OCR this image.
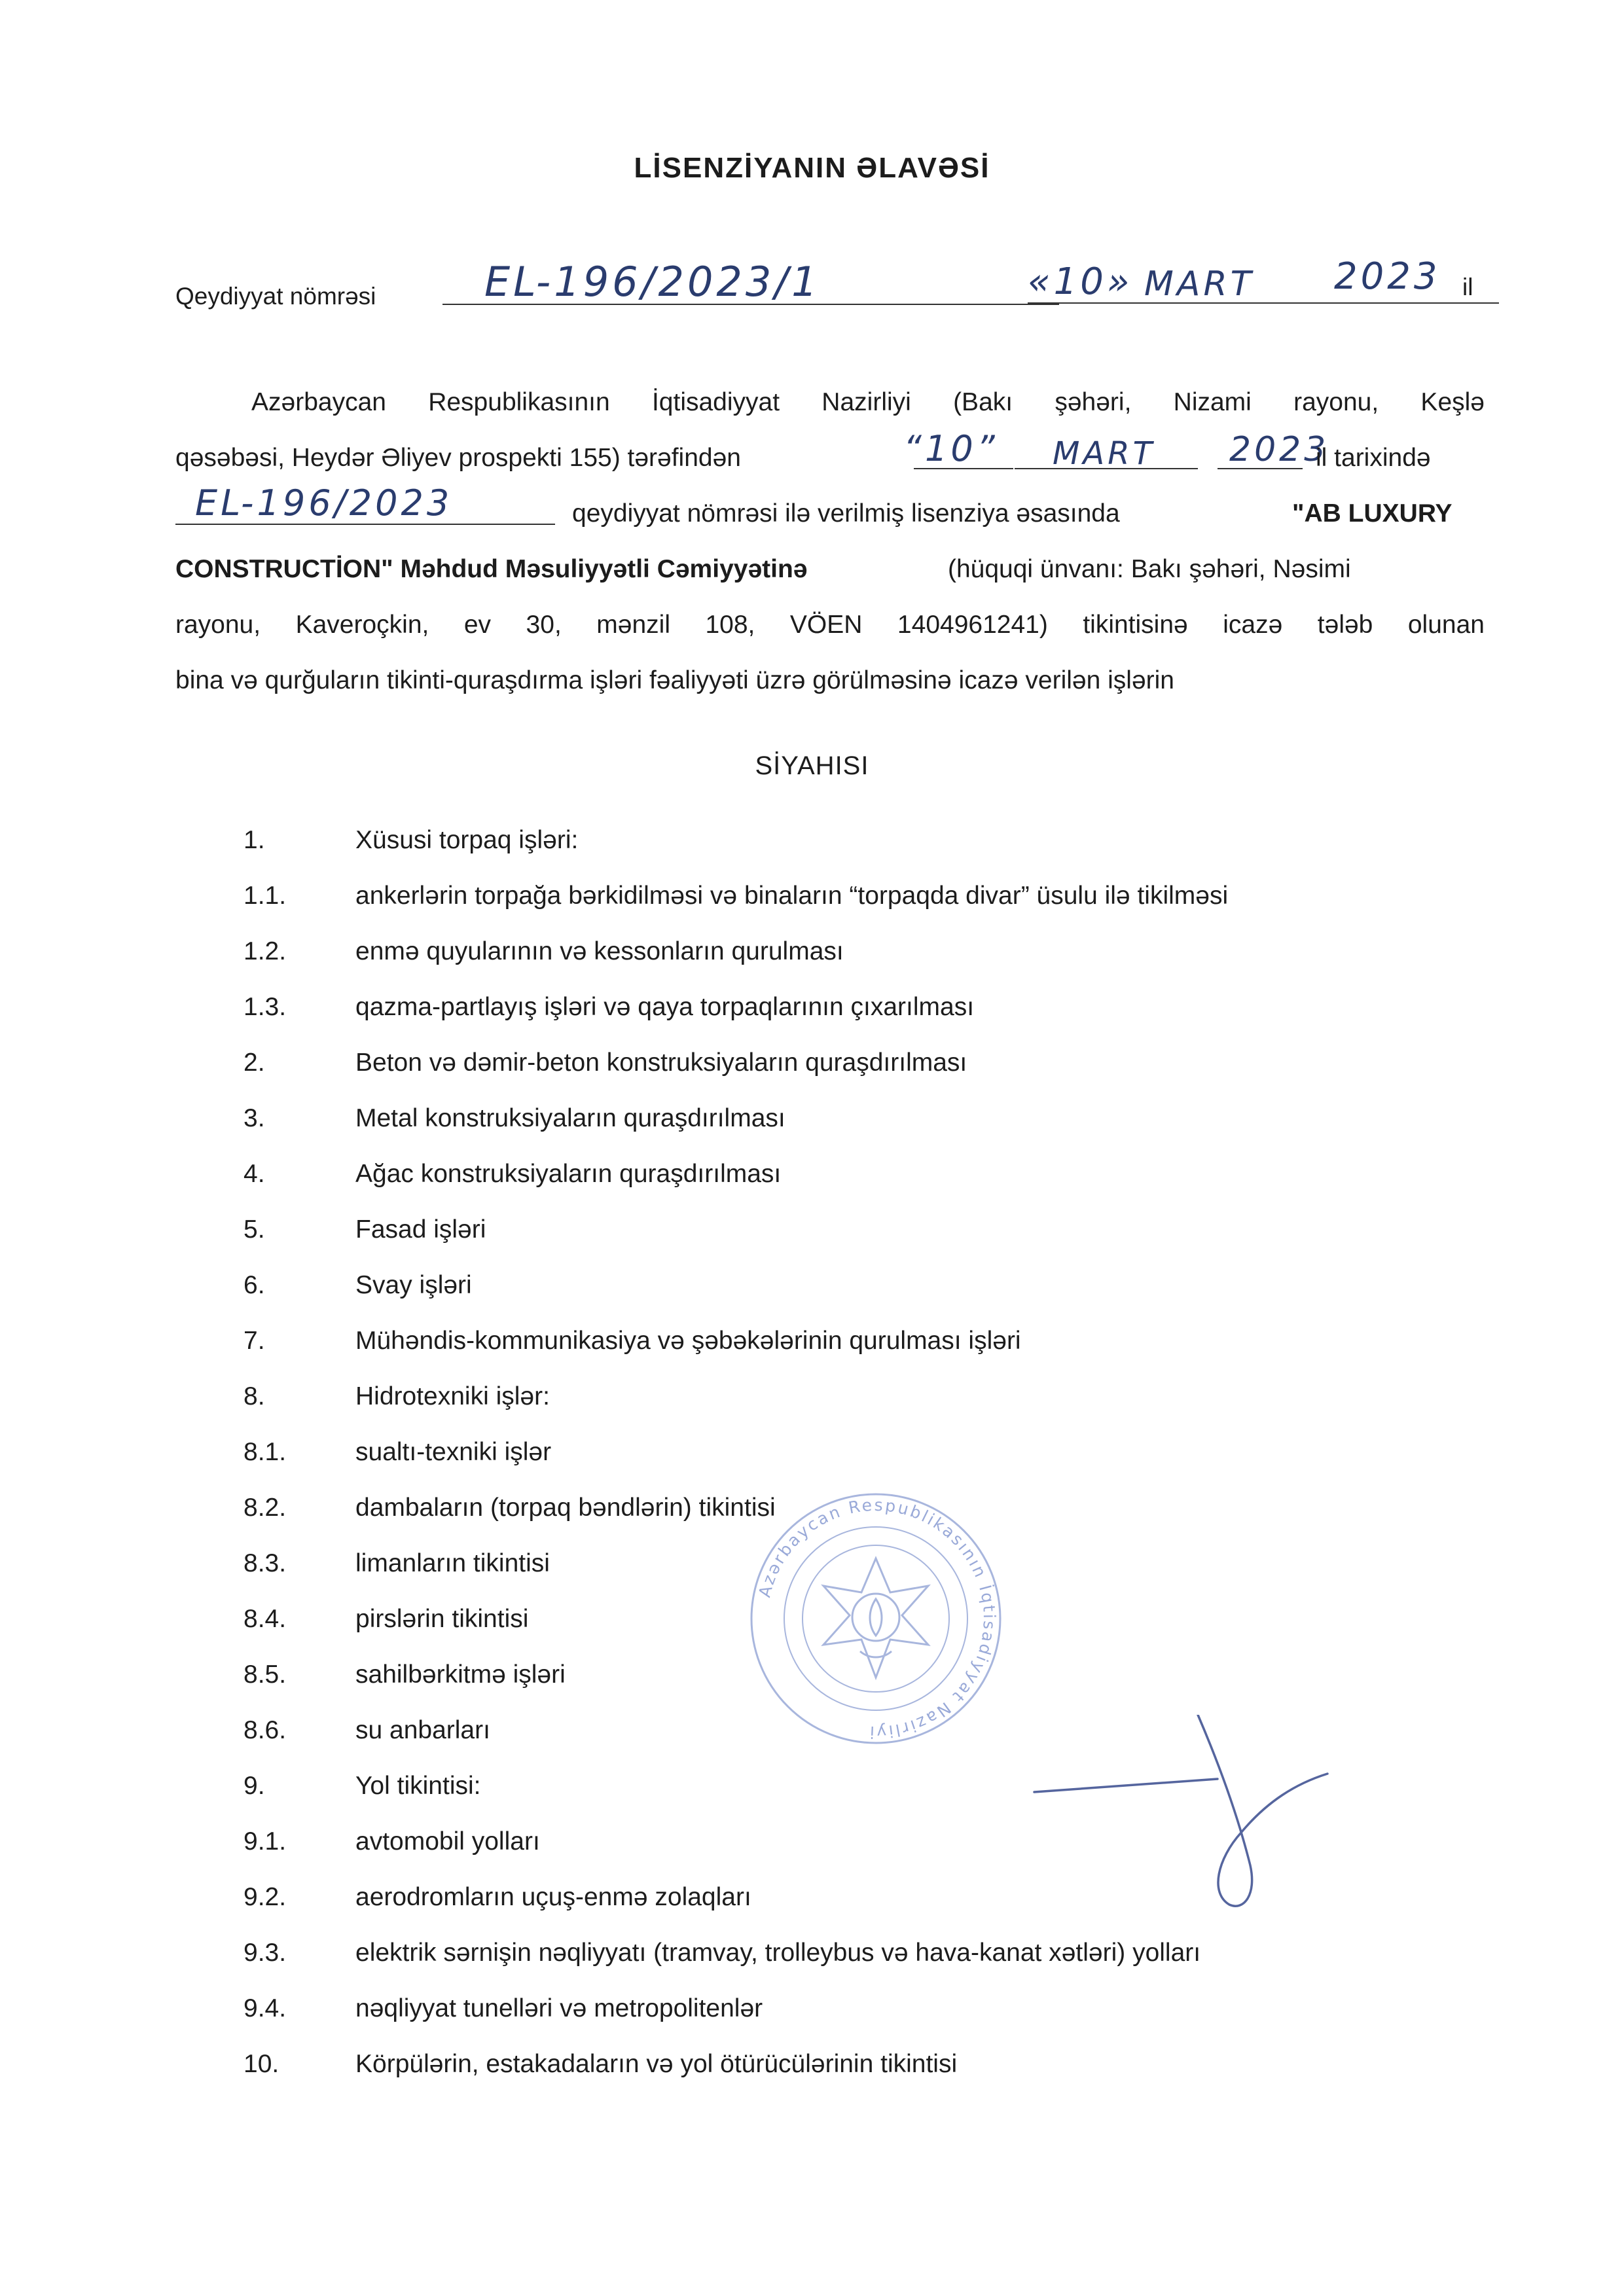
LİSENZİYANIN ƏLAVƏSİ
Qeydiyyat nömrəsi	EL-196/2023/1	«10» MART 2023 il
Azərbaycan Respublikasının İqtisadiyyat Nazirliyi (Bakı şəhəri, Nizami rayonu, Keşlə
qəsəbəsi, Heydər Əliyev prospekti 155) tərəfindən	“10” MART 2023
il tarixində
EL-196/2023	qeydiyyat nömrəsi ilə verilmiş lisenziya əsasında	"AB LUXURY
CONSTRUCTİON" Məhdud Məsuliyyətli Cəmiyyətinə	(hüquqi ünvanı: Bakı şəhəri, Nəsimi
rayonu, Kaveroçkin, ev 30, mənzil 108, VÖEN 1404961241) tikintisinə icazə tələb olunan
bina və qurğuların tikinti-quraşdırma işləri fəaliyyəti üzrə görülməsinə icazə verilən işlərin
SİYAHISI
1.	Xüsusi torpaq işləri:
1.1.	ankerlərin torpağa bərkidilməsi və binaların “torpaqda divar” üsulu ilə tikilməsi
1.2.	enmə quyularının və kessonların qurulması
1.3.	qazma-partlayış işləri və qaya torpaqlarının çıxarılması
2.	Beton və dəmir-beton konstruksiyaların quraşdırılması
3.	Metal konstruksiyaların quraşdırılması
4.	Ağac konstruksiyaların quraşdırılması
5.	Fasad işləri
6.	Svay işləri
7.	Mühəndis-kommunikasiya və şəbəkələrinin qurulması işləri
8.	Hidrotexniki işlər:
8.1.	sualtı-texniki işlər
8.2.	dambaların (torpaq bəndlərin) tikintisi
8.3.	limanların tikintisi
8.4.	pirslərin tikintisi
8.5.	sahilbərkitmə işləri
8.6.	su anbarları
9.	Yol tikintisi:
9.1.	avtomobil yolları
9.2.	aerodromların uçuş-enmə zolaqları
9.3.	elektrik sərnişin nəqliyyatı (tramvay, trolleybus və hava-kanat xətləri) yolları
9.4.	nəqliyyat tunelləri və metropolitenlər
10.	Körpülərin, estakadaların və yol ötürücülərinin tikintisi
Azərbaycan Respublikasının İqtisadiyyat Nazirliyi
